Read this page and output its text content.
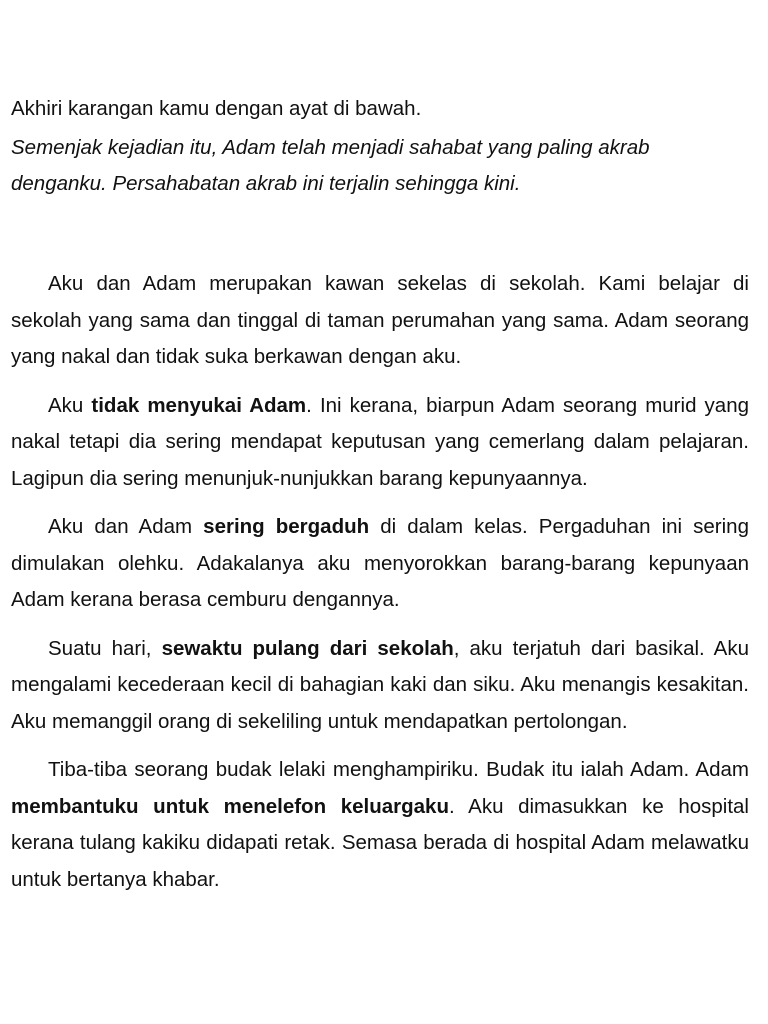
Akhiri karangan kamu dengan ayat di bawah.

Semenjak kejadian itu, Adam telah menjadi sahabat yang paling akrab denganku. Persahabatan akrab ini terjalin sehingga kini.

Aku dan Adam merupakan kawan sekelas di sekolah. Kami belajar di sekolah yang sama dan tinggal di taman perumahan yang sama. Adam seorang yang nakal dan tidak suka berkawan dengan aku.

Aku tidak menyukai Adam. Ini kerana, biarpun Adam seorang murid yang nakal tetapi dia sering mendapat keputusan yang cemerlang dalam pelajaran. Lagipun dia sering menunjuk-nunjukkan barang kepunyaannya.

Aku dan Adam sering bergaduh di dalam kelas. Pergaduhan ini sering dimulakan olehku. Adakalanya aku menyorokkan barang-barang kepunyaan Adam kerana berasa cemburu dengannya.

Suatu hari, sewaktu pulang dari sekolah, aku terjatuh dari basikal. Aku mengalami kecederaan kecil di bahagian kaki dan siku. Aku menangis kesakitan. Aku memanggil orang di sekeliling untuk mendapatkan pertolongan.

Tiba-tiba seorang budak lelaki menghampiriku. Budak itu ialah Adam. Adam membantuku untuk menelefon keluargaku. Aku dimasukkan ke hospital kerana tulang kakiku didapati retak. Semasa berada di hospital Adam melawatku untuk bertanya khabar.
